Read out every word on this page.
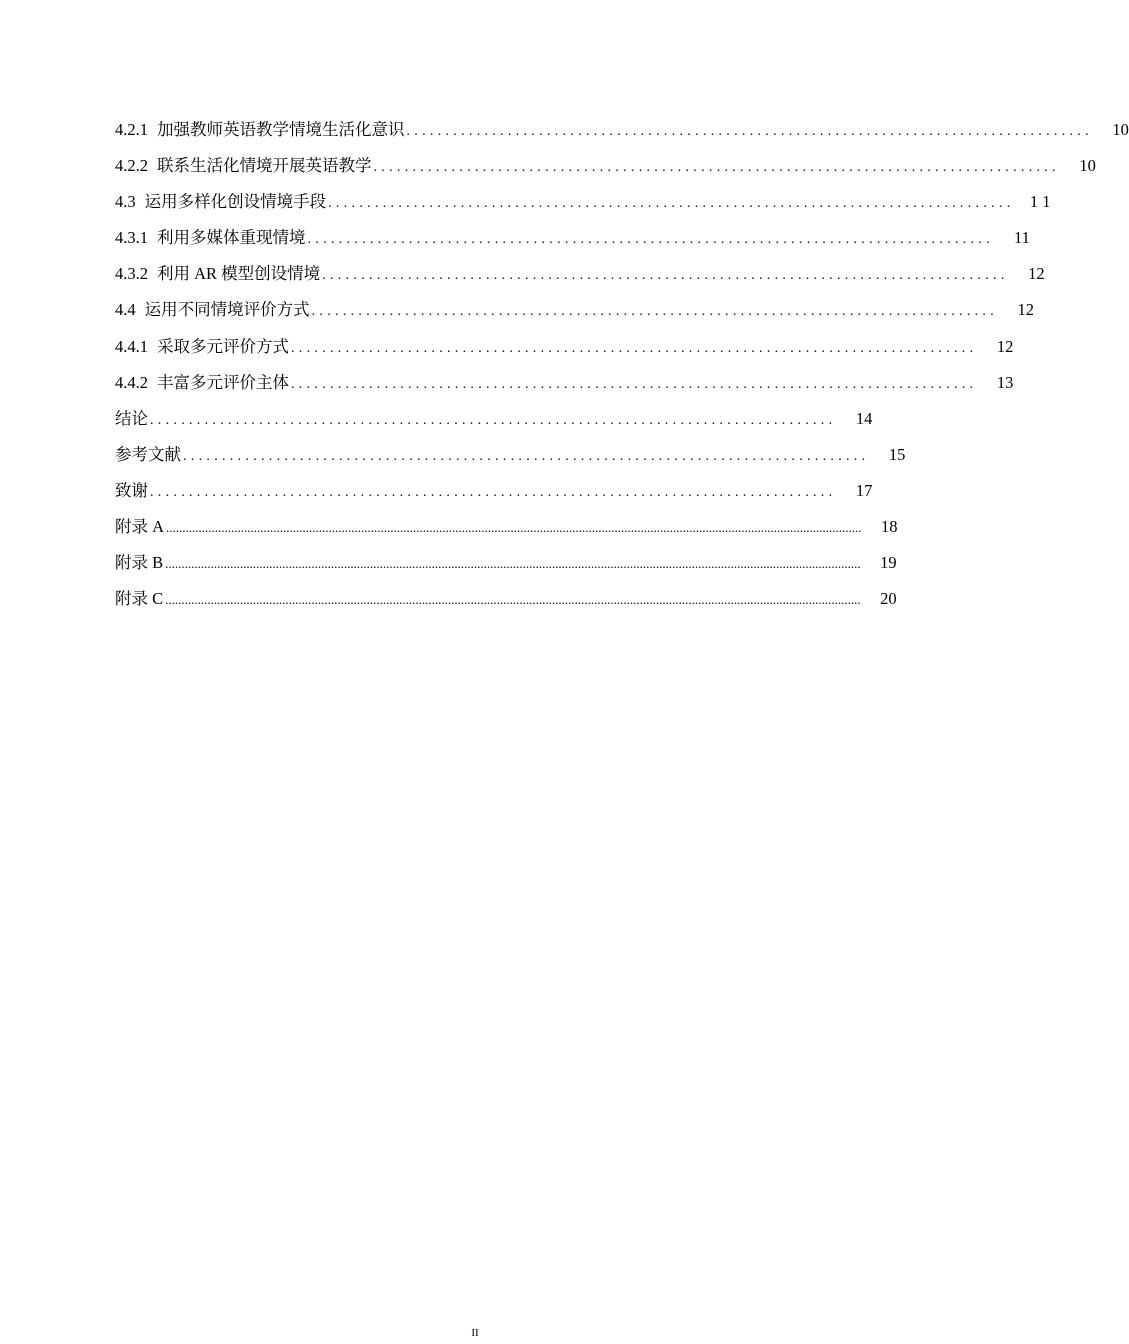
4.2.1 加强教师英语教学情境生活化意识 ........................................................................................	10
4.2.2 联系生活化情境开展英语教学 ........................................................................................	10
4.3 运用多样化创设情境手段 ........................................................................................ 1 1
4.3.1 利用多媒体重现情境 ........................................................................................	11
4.3.2 利用 AR 模型创设情境 ........................................................................................	12
4.4 运用不同情境评价方式 ........................................................................................	12
4.4.1 采取多元评价方式 ........................................................................................	12
4.4.2 丰富多元评价主体 ........................................................................................	13
结论 ........................................................................................	14
参考文献 ........................................................................................	15
致谢 ........................................................................................	17
附录 A ......................................................................................................................................................................................................................	18
附录 B ......................................................................................................................................................................................................................	19
附录 C ......................................................................................................................................................................................................................	20
II
